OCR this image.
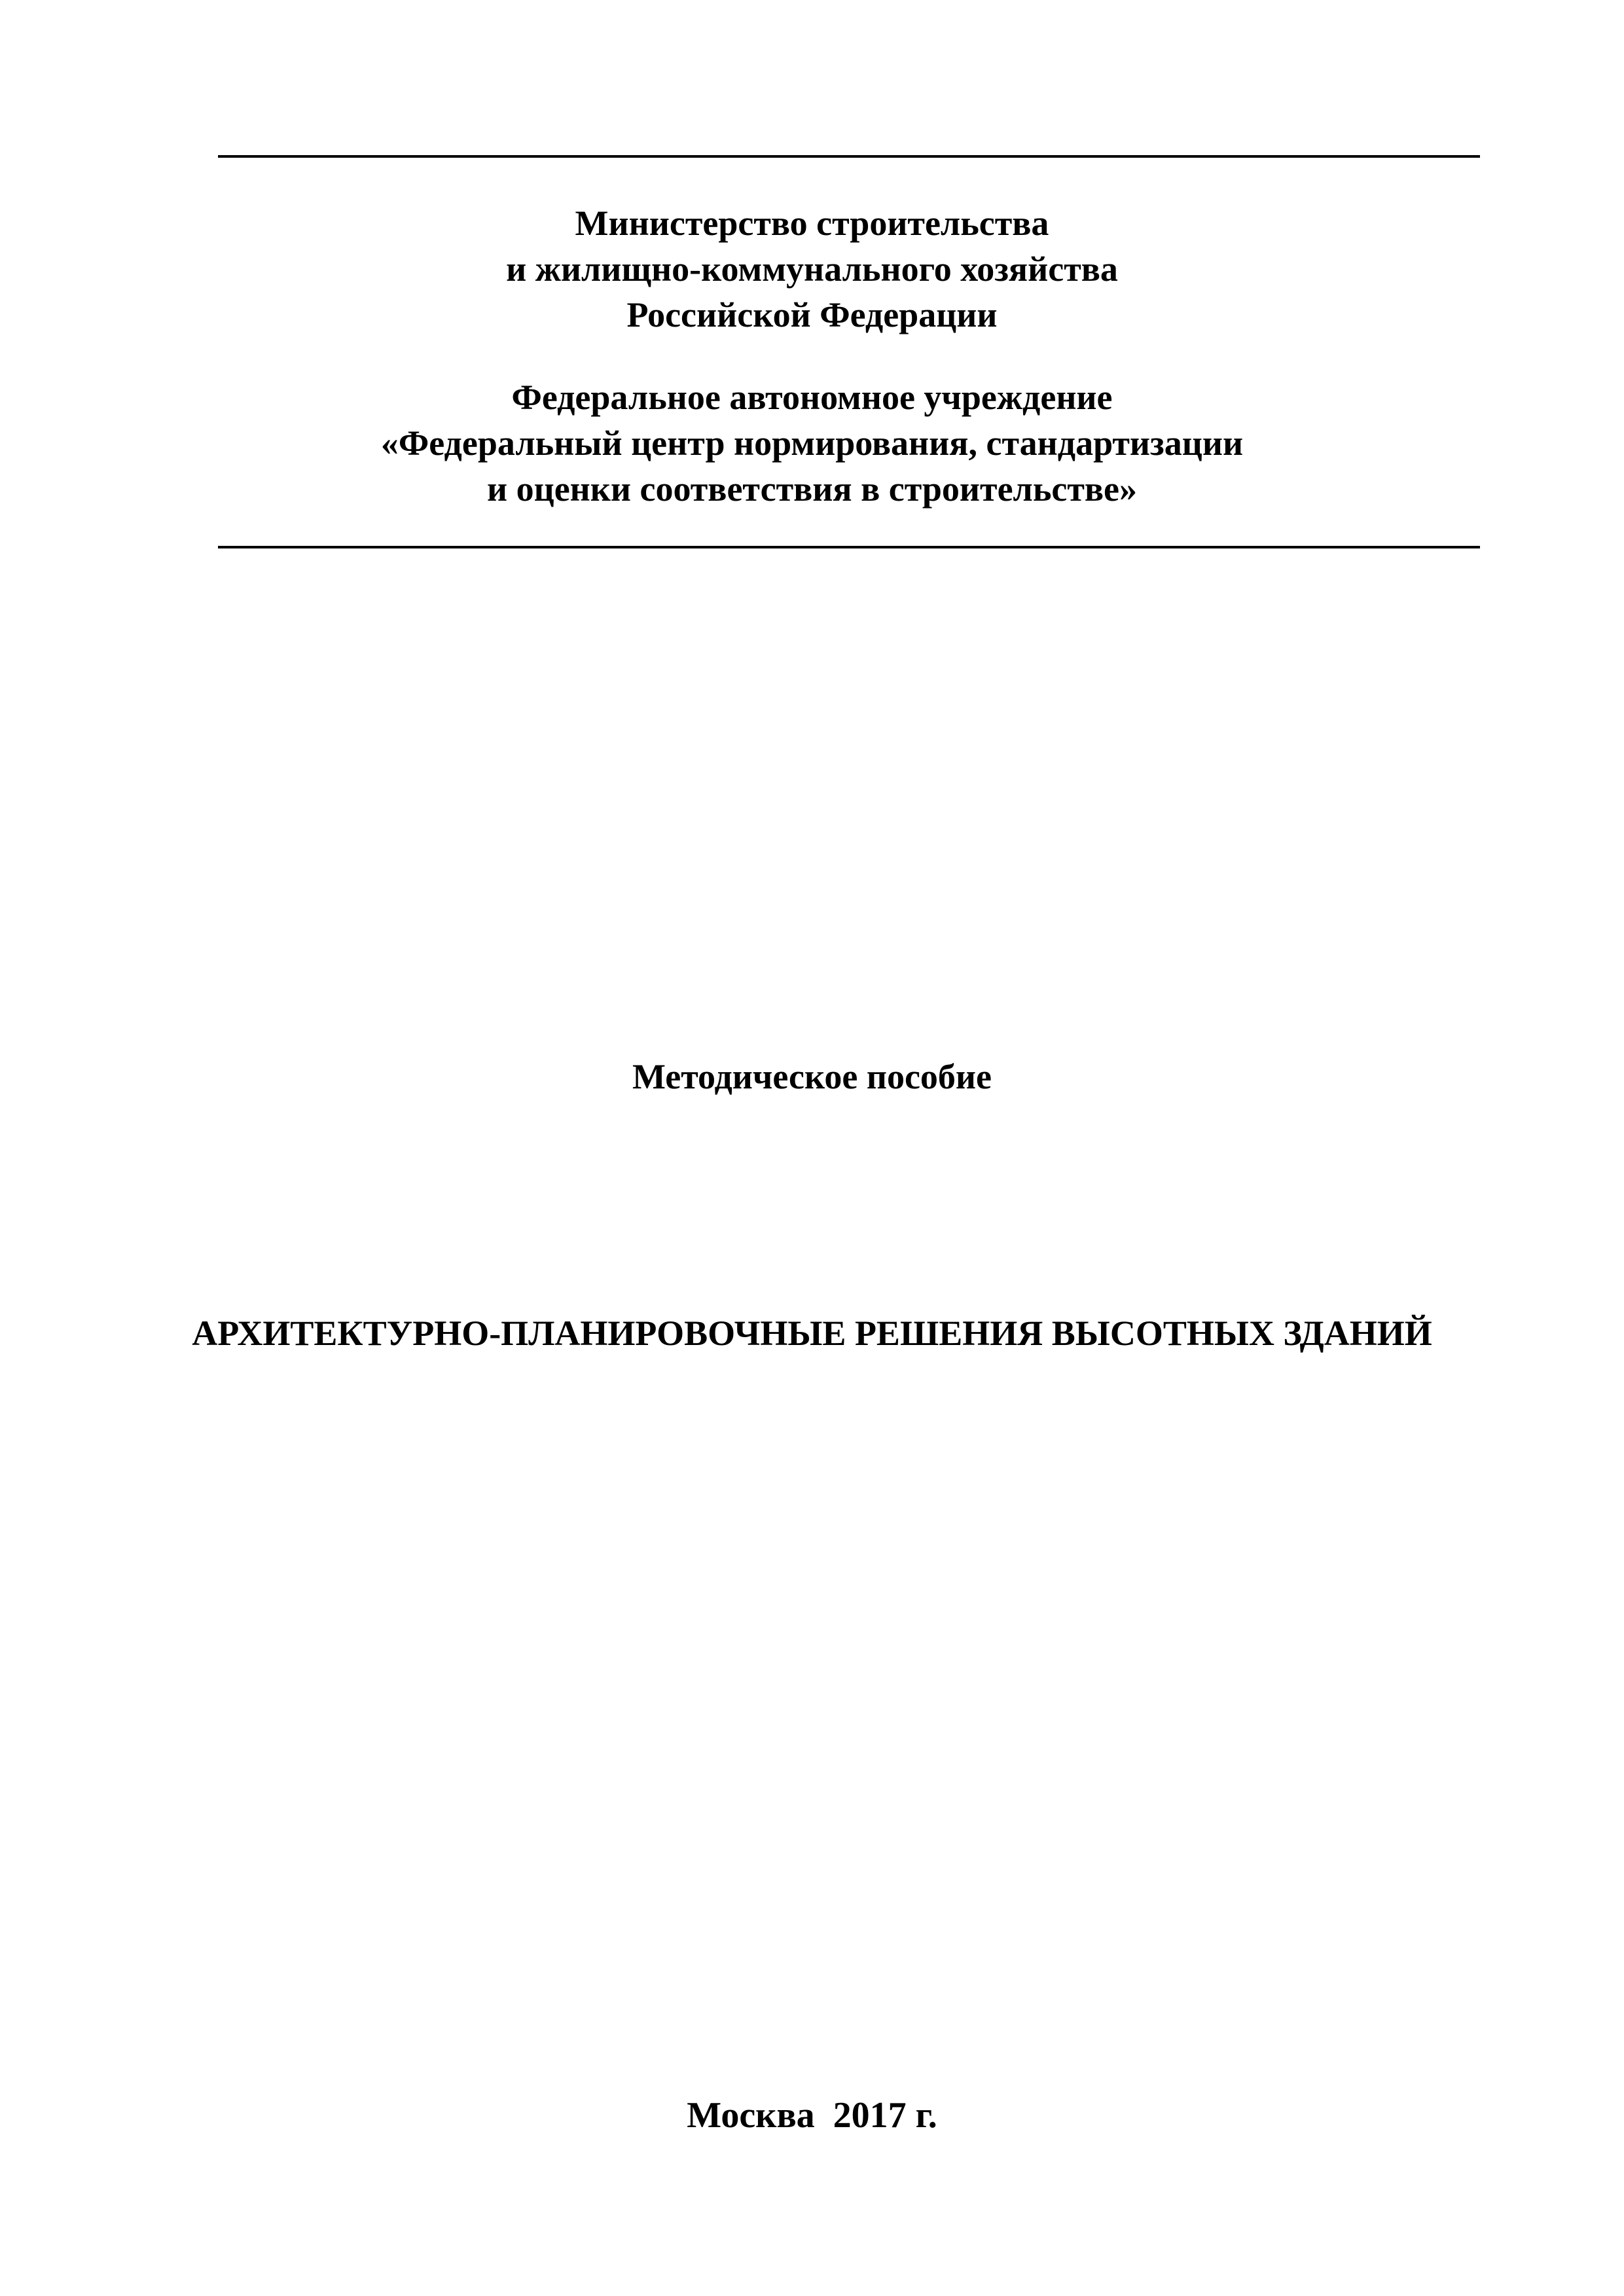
Министерство строительства
и жилищно-коммунального хозяйства
Российской Федерации
Федеральное автономное учреждение
«Федеральный центр нормирования, стандартизации
и оценки соответствия в строительстве»
Методическое пособие
АРХИТЕКТУРНО-ПЛАНИРОВОЧНЫЕ РЕШЕНИЯ ВЫСОТНЫХ ЗДАНИЙ
Москва  2017 г.
